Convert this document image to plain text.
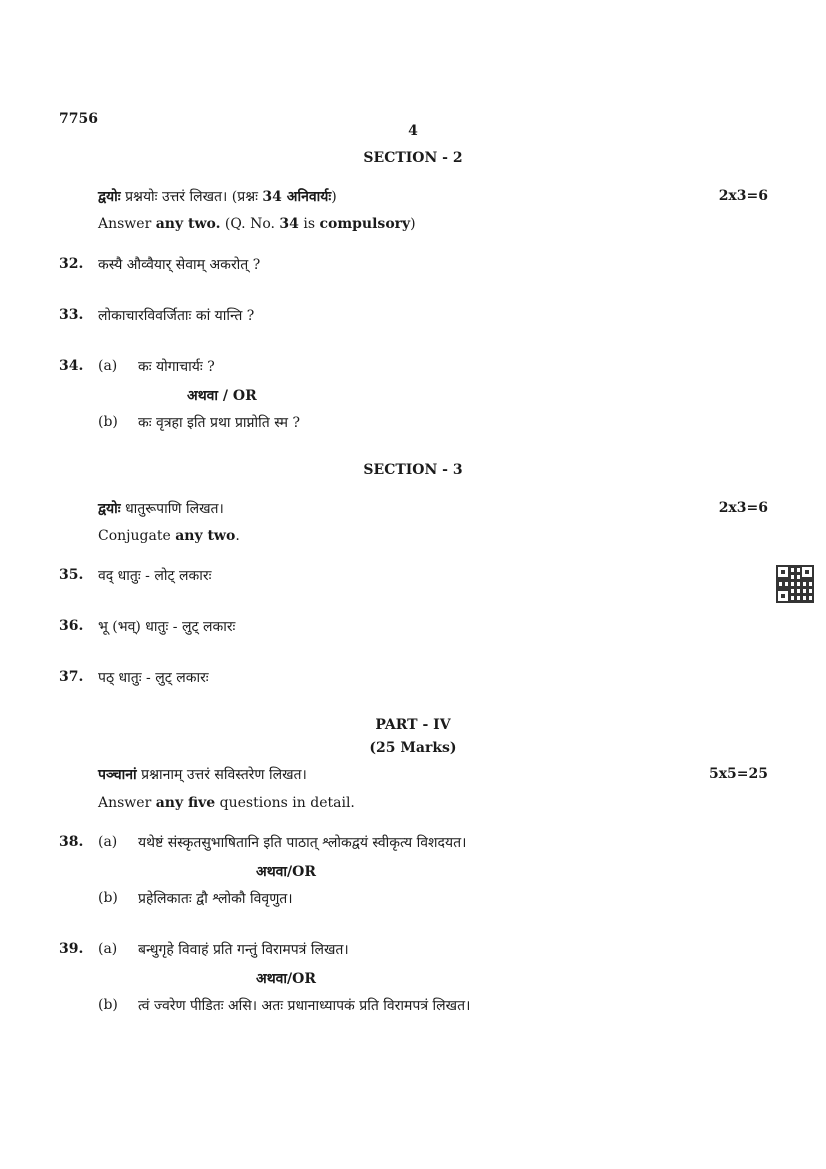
7756
4
SECTION - 2
द्वयोः प्रश्नयोः उत्तरं लिखत। (प्रश्नः 34 अनिवार्यः)	2x3=6
Answer any two. (Q. No. 34 is compulsory)
32. कस्यै औव्वैयार् सेवाम् अकरोत् ?
33. लोकाचारविवर्जिताः कां यान्ति ?
34. (a) कः योगाचार्यः ?
अथवा / OR
(b) कः वृत्रहा इति प्रथा प्राप्नोति स्म ?
SECTION - 3
द्वयोः धातुरूपाणि लिखत।	2x3=6
Conjugate any two.
35. वद् धातुः - लोट् लकारः
36. भू (भव्) धातुः - लुट् लकारः
37. पठ् धातुः - लुट् लकारः
PART - IV
(25 Marks)
पञ्चानां प्रश्नानाम् उत्तरं सविस्तरेण लिखत।	5x5=25
Answer any five questions in detail.
38. (a) यथेष्टं संस्कृतसुभाषितानि इति पाठात् श्लोकद्वयं स्वीकृत्य विशदयत।
अथवा/OR
(b) प्रहेलिकातः द्वौ श्लोकौ विवृणुत।
39. (a) बन्धुगृहे विवाहं प्रति गन्तुं विरामपत्रं लिखत।
अथवा/OR
(b) त्वं ज्वरेण पीडितः असि। अतः प्रधानाध्यापकं प्रति विरामपत्रं लिखत।
